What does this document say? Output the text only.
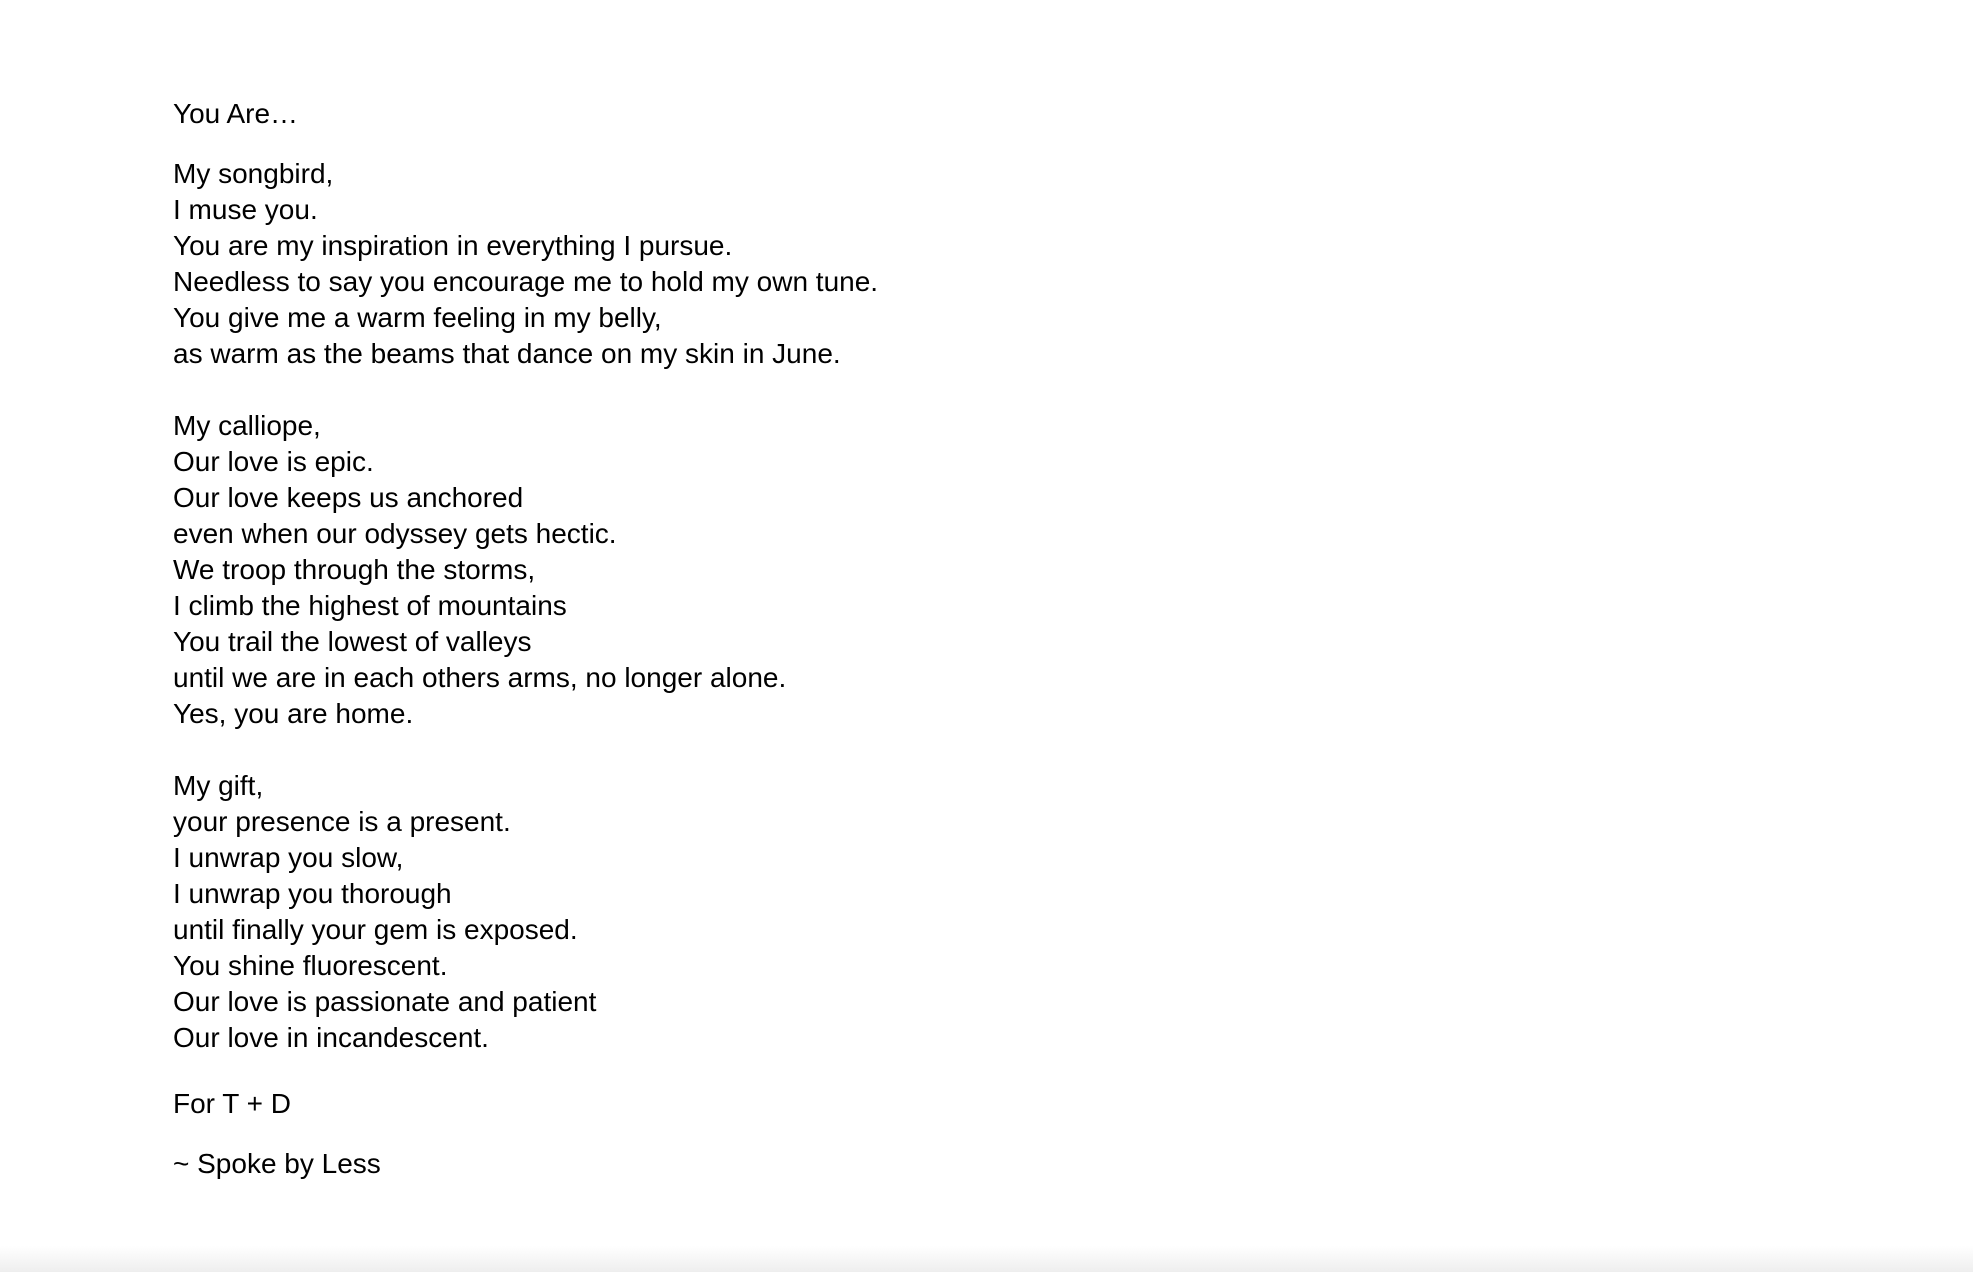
You Are…
My songbird,
I muse you.
You are my inspiration in everything I pursue.
Needless to say you encourage me to hold my own tune.
You give me a warm feeling in my belly,
as warm as the beams that dance on my skin in June.
My calliope,
Our love is epic.
Our love keeps us anchored
even when our odyssey gets hectic.
We troop through the storms,
I climb the highest of mountains
You trail the lowest of valleys
until we are in each others arms, no longer alone.
Yes, you are home.
My gift,
your presence is a present.
I unwrap you slow,
I unwrap you thorough
until finally your gem is exposed.
You shine fluorescent.
Our love is passionate and patient
Our love in incandescent.
For T + D
~ Spoke by Less
